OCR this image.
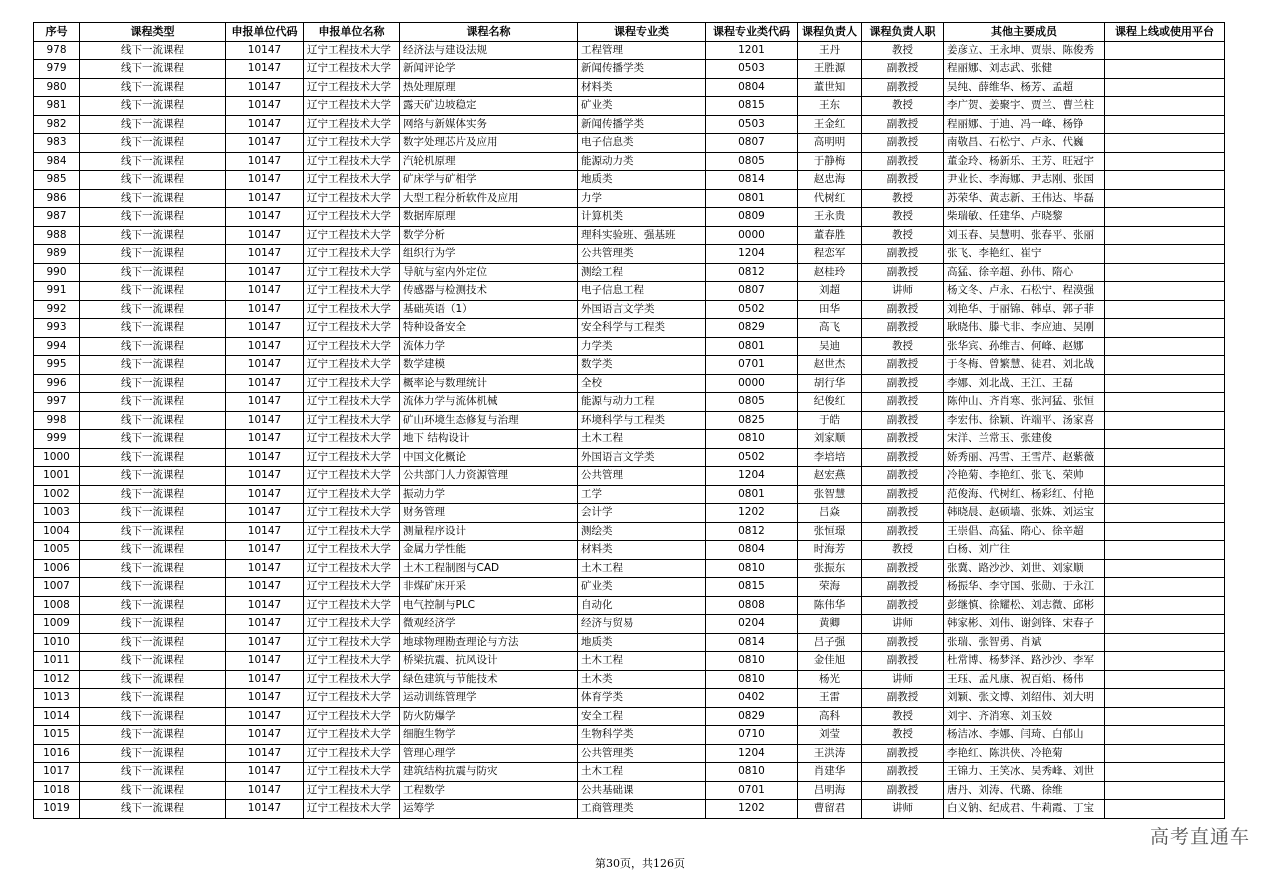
序号	课程类型	申报单位代码	申报单位名称	课程名称	课程专业类	课程专业类代码	课程负责人	课程负责人职	其他主要成员	课程上线或使用平台
978	线下一流课程	10147	辽宁工程技术大学	经济法与建设法规	工程管理	1201	王丹	教授	姜彦立、王永坤、贾崇、陈俊秀	
979	线下一流课程	10147	辽宁工程技术大学	新闻评论学	新闻传播学类	0503	王胜源	副教授	程丽娜、刘志武、张健	
980	线下一流课程	10147	辽宁工程技术大学	热处理原理	材料类	0804	董世知	副教授	吴纯、薛维华、杨芳、孟超	
981	线下一流课程	10147	辽宁工程技术大学	露天矿边坡稳定	矿业类	0815	王东	教授	李广贺、姜聚宇、贾兰、曹兰柱	
982	线下一流课程	10147	辽宁工程技术大学	网络与新媒体实务	新闻传播学类	0503	王金红	副教授	程丽娜、于迪、冯一峰、杨铮	
983	线下一流课程	10147	辽宁工程技术大学	数字处理芯片及应用	电子信息类	0807	高明明	副教授	南敬昌、石松宁、卢永、代巍	
984	线下一流课程	10147	辽宁工程技术大学	汽轮机原理	能源动力类	0805	于静梅	副教授	董金玲、杨新乐、王芳、旺冠宇	
985	线下一流课程	10147	辽宁工程技术大学	矿床学与矿相学	地质类	0814	赵忠海	副教授	尹业长、李海娜、尹志刚、张国	
986	线下一流课程	10147	辽宁工程技术大学	大型工程分析软件及应用	力学	0801	代树红	教授	苏荣华、黄志新、王伟达、毕磊	
987	线下一流课程	10147	辽宁工程技术大学	数据库原理	计算机类	0809	王永贵	教授	柴瑞敏、任建华、卢晓黎	
988	线下一流课程	10147	辽宁工程技术大学	数学分析	理科实验班、强基班	0000	董春胜	教授	刘玉春、吴慧明、张春平、张丽	
989	线下一流课程	10147	辽宁工程技术大学	组织行为学	公共管理类	1204	程恋军	副教授	张飞、李艳红、崔宁	
990	线下一流课程	10147	辽宁工程技术大学	导航与室内外定位	测绘工程	0812	赵桂玲	副教授	高猛、徐辛超、孙伟、隋心	
991	线下一流课程	10147	辽宁工程技术大学	传感器与检测技术	电子信息工程	0807	刘超	讲师	杨文冬、卢永、石松宁、程漠强	
992	线下一流课程	10147	辽宁工程技术大学	基础英语（1）	外国语言文学类	0502	田华	副教授	刘艳华、于丽锦、韩卓、郭子菲	
993	线下一流课程	10147	辽宁工程技术大学	特种设备安全	安全科学与工程类	0829	高飞	副教授	耿晓伟、滕弋非、李应迪、吴刚	
994	线下一流课程	10147	辽宁工程技术大学	流体力学	力学类	0801	吴迪	教授	张华宾、孙维吉、何峰、赵娜	
995	线下一流课程	10147	辽宁工程技术大学	数学建模	数学类	0701	赵世杰	副教授	于冬梅、曾繁慧、徒君、刘北战	
996	线下一流课程	10147	辽宁工程技术大学	概率论与数理统计	全校	0000	胡行华	副教授	李娜、刘北战、王江、王磊	
997	线下一流课程	10147	辽宁工程技术大学	流体力学与流体机械	能源与动力工程	0805	纪俊红	副教授	陈仲山、齐肖寒、张河猛、张恒	
998	线下一流课程	10147	辽宁工程技术大学	矿山环境生态修复与治理	环境科学与工程类	0825	于皓	副教授	李宏伟、徐颖、许端平、汤家喜	
999	线下一流课程	10147	辽宁工程技术大学	地下 结构设计	土木工程	0810	刘家顺	副教授	宋洋、兰常玉、张建俊	
1000	线下一流课程	10147	辽宁工程技术大学	中国文化概论	外国语言文学类	0502	李培培	副教授	娇秀丽、冯雪、王雪芹、赵紫薇	
1001	线下一流课程	10147	辽宁工程技术大学	公共部门人力资源管理	公共管理	1204	赵宏燕	副教授	冷艳菊、李艳红、张飞、荣帅	
1002	线下一流课程	10147	辽宁工程技术大学	振动力学	工学	0801	张智慧	副教授	范俊海、代树红、杨彩红、付艳	
1003	线下一流课程	10147	辽宁工程技术大学	财务管理	会计学	1202	吕焱	副教授	韩晓晨、赵硕墙、张姝、刘运宝	
1004	线下一流课程	10147	辽宁工程技术大学	测量程序设计	测绘类	0812	张恒璟	副教授	王崇倡、高猛、隋心、徐辛超	
1005	线下一流课程	10147	辽宁工程技术大学	金属力学性能	材料类	0804	时海芳	教授	白杨、刘广往	
1006	线下一流课程	10147	辽宁工程技术大学	土木工程制图与CAD	土木工程	0810	张振东	副教授	张冀、路沙沙、刘世、刘家顺	
1007	线下一流课程	10147	辽宁工程技术大学	非煤矿床开采	矿业类	0815	荣海	副教授	杨振华、李守国、张勋、于永江	
1008	线下一流课程	10147	辽宁工程技术大学	电气控制与PLC	自动化	0808	陈伟华	副教授	彭继慎、徐耀松、刘志微、邱彬	
1009	线下一流课程	10147	辽宁工程技术大学	微观经济学	经济与贸易	0204	黄卿	讲师	韩家彬、刘伟、谢剑锋、宋春子	
1010	线下一流课程	10147	辽宁工程技术大学	地球物理勘查理论与方法	地质类	0814	吕子强	副教授	张瑞、张智勇、肖斌	
1011	线下一流课程	10147	辽宁工程技术大学	桥梁抗震、抗风设计	土木工程	0810	金佳旭	副教授	杜常博、杨梦泽、路沙沙、李军	
1012	线下一流课程	10147	辽宁工程技术大学	绿色建筑与节能技术	土木类	0810	杨光	讲师	王珏、孟凡康、祝百焰、杨伟	
1013	线下一流课程	10147	辽宁工程技术大学	运动训练管理学	体育学类	0402	王雷	副教授	刘颖、张文博、刘绍伟、刘大明	
1014	线下一流课程	10147	辽宁工程技术大学	防火防爆学	安全工程	0829	高科	教授	刘宇、齐消寒、刘玉姣	
1015	线下一流课程	10147	辽宁工程技术大学	细胞生物学	生物科学类	0710	刘莹	教授	杨洁冰、李娜、闫琦、白郁山	
1016	线下一流课程	10147	辽宁工程技术大学	管理心理学	公共管理类	1204	王洪涛	副教授	李艳红、陈洪侠、冷艳菊	
1017	线下一流课程	10147	辽宁工程技术大学	建筑结构抗震与防灾	土木工程	0810	肖建华	副教授	王锦力、王笑冰、吴秀峰、刘世	
1018	线下一流课程	10147	辽宁工程技术大学	工程数学	公共基础课	0701	吕明海	副教授	唐丹、刘涛、代璐、徐维	
1019	线下一流课程	10147	辽宁工程技术大学	运筹学	工商管理类	1202	曹留君	讲师	白义钠、纪成君、牛莉霞、丁宝	
高考直通车
第30页，共126页
